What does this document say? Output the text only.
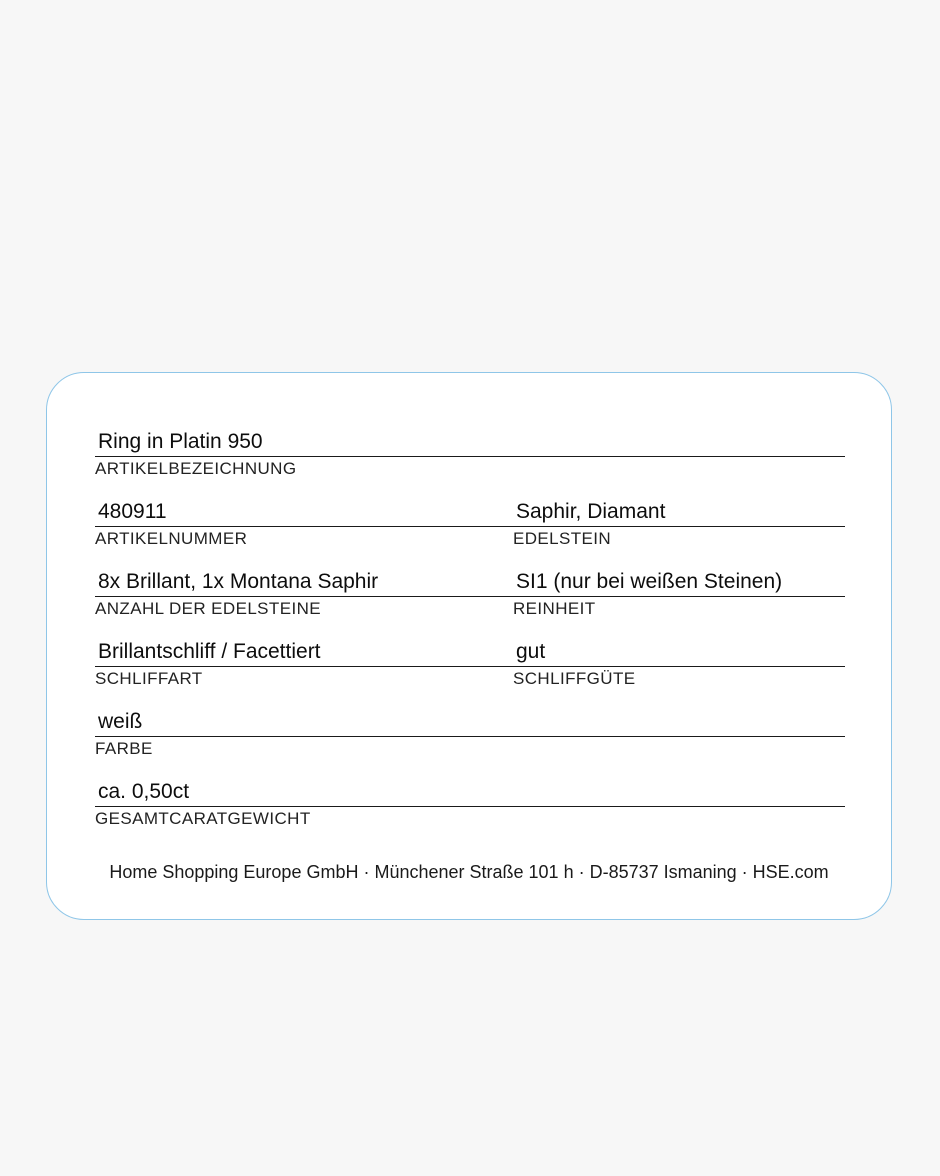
Ring in Platin 950
ARTIKELBEZEICHNUNG
480911
ARTIKELNUMMER
Saphir, Diamant
EDELSTEIN
8x Brillant, 1x Montana Saphir
ANZAHL DER EDELSTEINE
SI1 (nur bei weißen Steinen)
REINHEIT
Brillantschliff / Facettiert
SCHLIFFART
gut
SCHLIFFGÜTE
weiß
FARBE
ca. 0,50ct
GESAMTCARATGEWICHT
Home Shopping Europe GmbH · Münchener Straße 101 h · D-85737 Ismaning · HSE.com
